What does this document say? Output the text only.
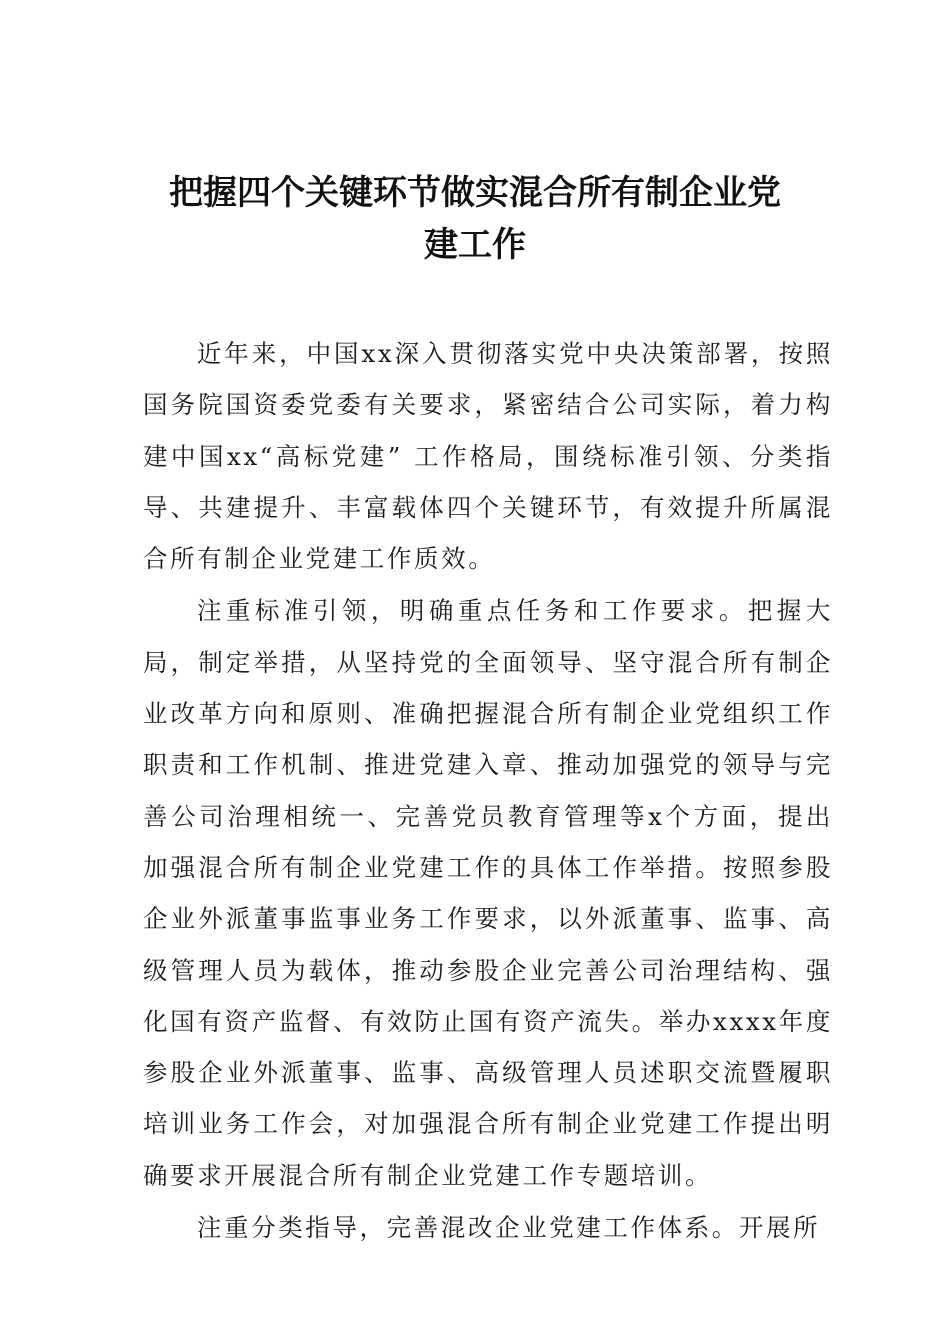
把握四个关键环节做实混合所有制企业党
建工作

近年来，中国xx深入贯彻落实党中央决策部署，按照国务院国资委党委有关要求，紧密结合公司实际，着力构建中国xx“高标党建” 工作格局，围绕标准引领、分类指导、共建提升、丰富载体四个关键环节，有效提升所属混合所有制企业党建工作质效。

注重标准引领，明确重点任务和工作要求。把握大局，制定举措，从坚持党的全面领导、坚守混合所有制企业改革方向和原则、准确把握混合所有制企业党组织工作职责和工作机制、推进党建入章、推动加强党的领导与完善公司治理相统一、完善党员教育管理等x个方面，提出加强混合所有制企业党建工作的具体工作举措。按照参股企业外派董事监事业务工作要求，以外派董事、监事、高级管理人员为载体，推动参股企业完善公司治理结构、强化国有资产监督、有效防止国有资产流失。举办xxxx年度参股企业外派董事、监事、高级管理人员述职交流暨履职培训业务工作会，对加强混合所有制企业党建工作提出明确要求开展混合所有制企业党建工作专题培训。

注重分类指导，完善混改企业党建工作体系。开展所
